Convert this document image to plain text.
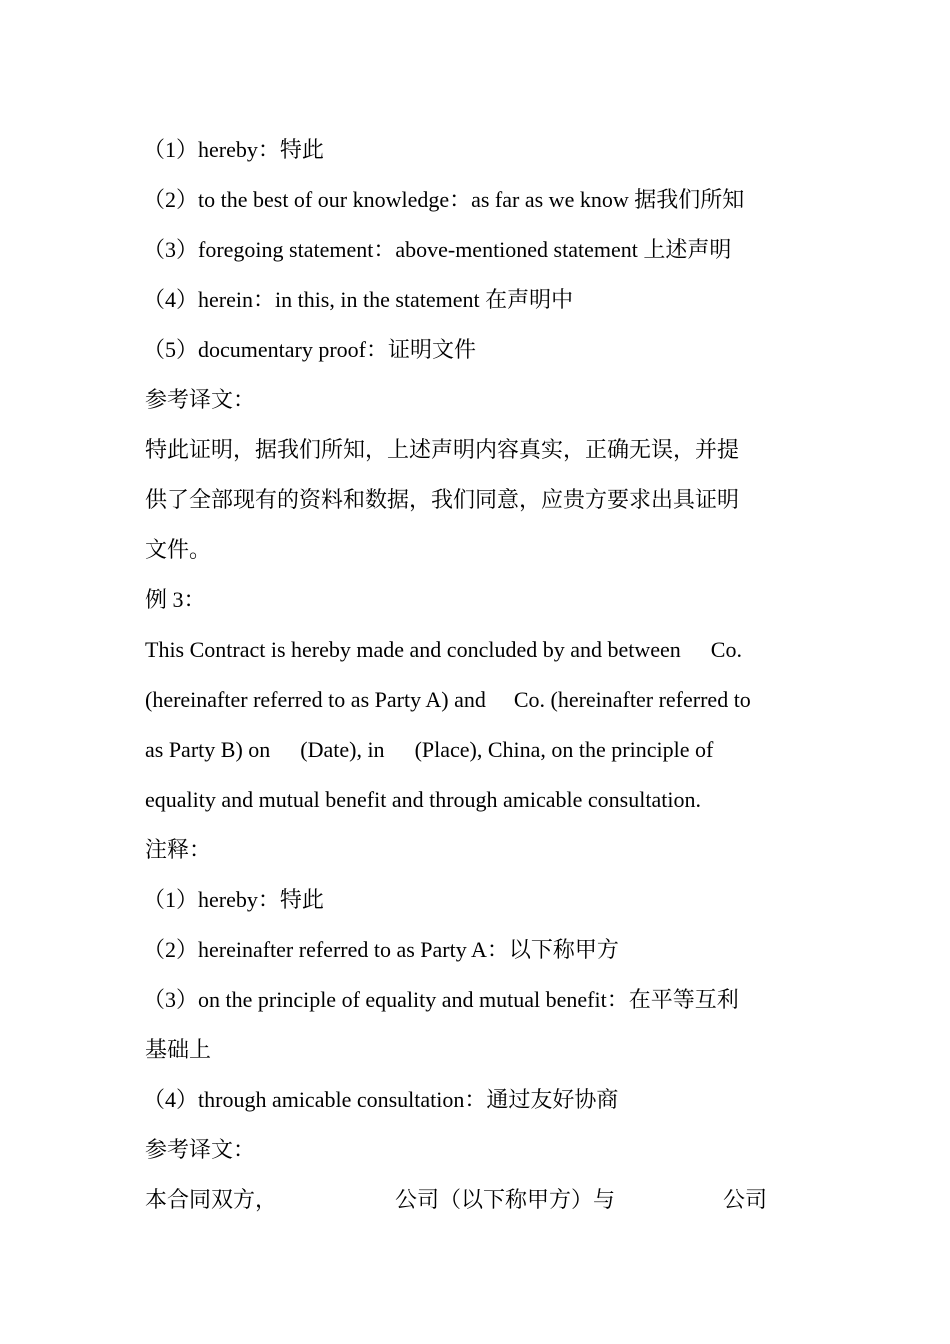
（1）hereby：特此
（2）to the best of our knowledge：as far as we know 据我们所知
（3）foregoing statement：above-mentioned statement 上述声明
（4）herein：in this, in the statement 在声明中
（5）documentary proof：证明文件
参考译文：
特此证明，据我们所知，上述声明内容真实，正确无误，并提
供了全部现有的资料和数据，我们同意，应贵方要求出具证明
文件。
例 3：
This Contract is hereby made and concluded by and between Co.
(hereinafter referred to as Party A) and Co. (hereinafter referred to
as Party B) on (Date), in (Place), China, on the principle of
equality and mutual benefit and through amicable consultation.
注释：
（1）hereby：特此
（2）hereinafter referred to as Party A：以下称甲方
（3）on the principle of equality and mutual benefit：在平等互利
基础上
（4）through amicable consultation：通过友好协商
参考译文：
本合同双方，	公司（以下称甲方）与	公司
